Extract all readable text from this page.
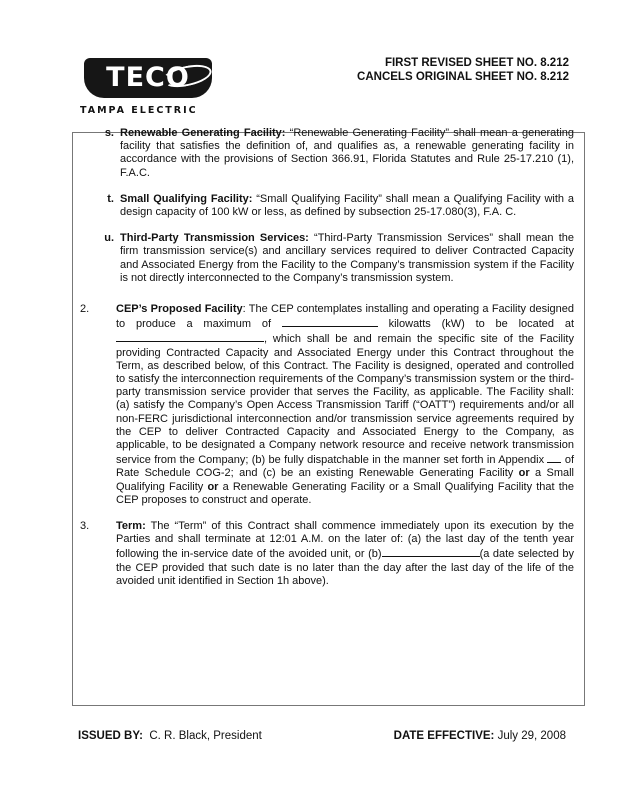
TECO
TAMPA ELECTRIC
FIRST REVISED SHEET NO. 8.212
CANCELS ORIGINAL SHEET NO. 8.212
s. Renewable Generating Facility: “Renewable Generating Facility” shall mean a generating facility that satisfies the definition of, and qualifies as, a renewable generating facility in accordance with the provisions of Section 366.91, Florida Statutes and Rule 25-17.210 (1), F.A.C.
t. Small Qualifying Facility: “Small Qualifying Facility” shall mean a Qualifying Facility with a design capacity of 100 kW or less, as defined by subsection 25-17.080(3), F.A. C.
u. Third-Party Transmission Services: “Third-Party Transmission Services” shall mean the firm transmission service(s) and ancillary services required to deliver Contracted Capacity and Associated Energy from the Facility to the Company’s transmission system if the Facility is not directly interconnected to the Company’s transmission system.
2.	CEP’s Proposed Facility: The CEP contemplates installing and operating a Facility designed to produce a maximum of	kilowatts (kW) to be located at , which shall be and remain the specific site of the Facility providing Contracted Capacity and Associated Energy under this Contract throughout the Term, as described below, of this Contract. The Facility is designed, operated and controlled to satisfy the interconnection requirements of the Company’s transmission system or the third-party transmission service provider that serves the Facility, as applicable. The Facility shall: (a) satisfy the Company’s Open Access Transmission Tariff (“OATT”) requirements and/or all non-FERC jurisdictional interconnection and/or transmission service agreements required by the CEP to deliver Contracted Capacity and Associated Energy to the Company, as applicable, to be designated a Company network resource and receive network transmission service from the Company; (b) be fully dispatchable in the manner set forth in Appendix  of Rate Schedule COG-2; and (c) be an existing Renewable Generating Facility or a Small Qualifying Facility or a Renewable Generating Facility or a Small Qualifying Facility that the CEP proposes to construct and operate.
3.	Term: The “Term” of this Contract shall commence immediately upon its execution by the Parties and shall terminate at 12:01 A.M. on the later of: (a) the last day of the tenth year following the in-service date of the avoided unit, or (b)	(a date selected by the CEP provided that such date is no later than the day after the last day of the life of the avoided unit identified in Section 1h above).
ISSUED BY: C. R. Black, President	DATE EFFECTIVE: July 29, 2008
